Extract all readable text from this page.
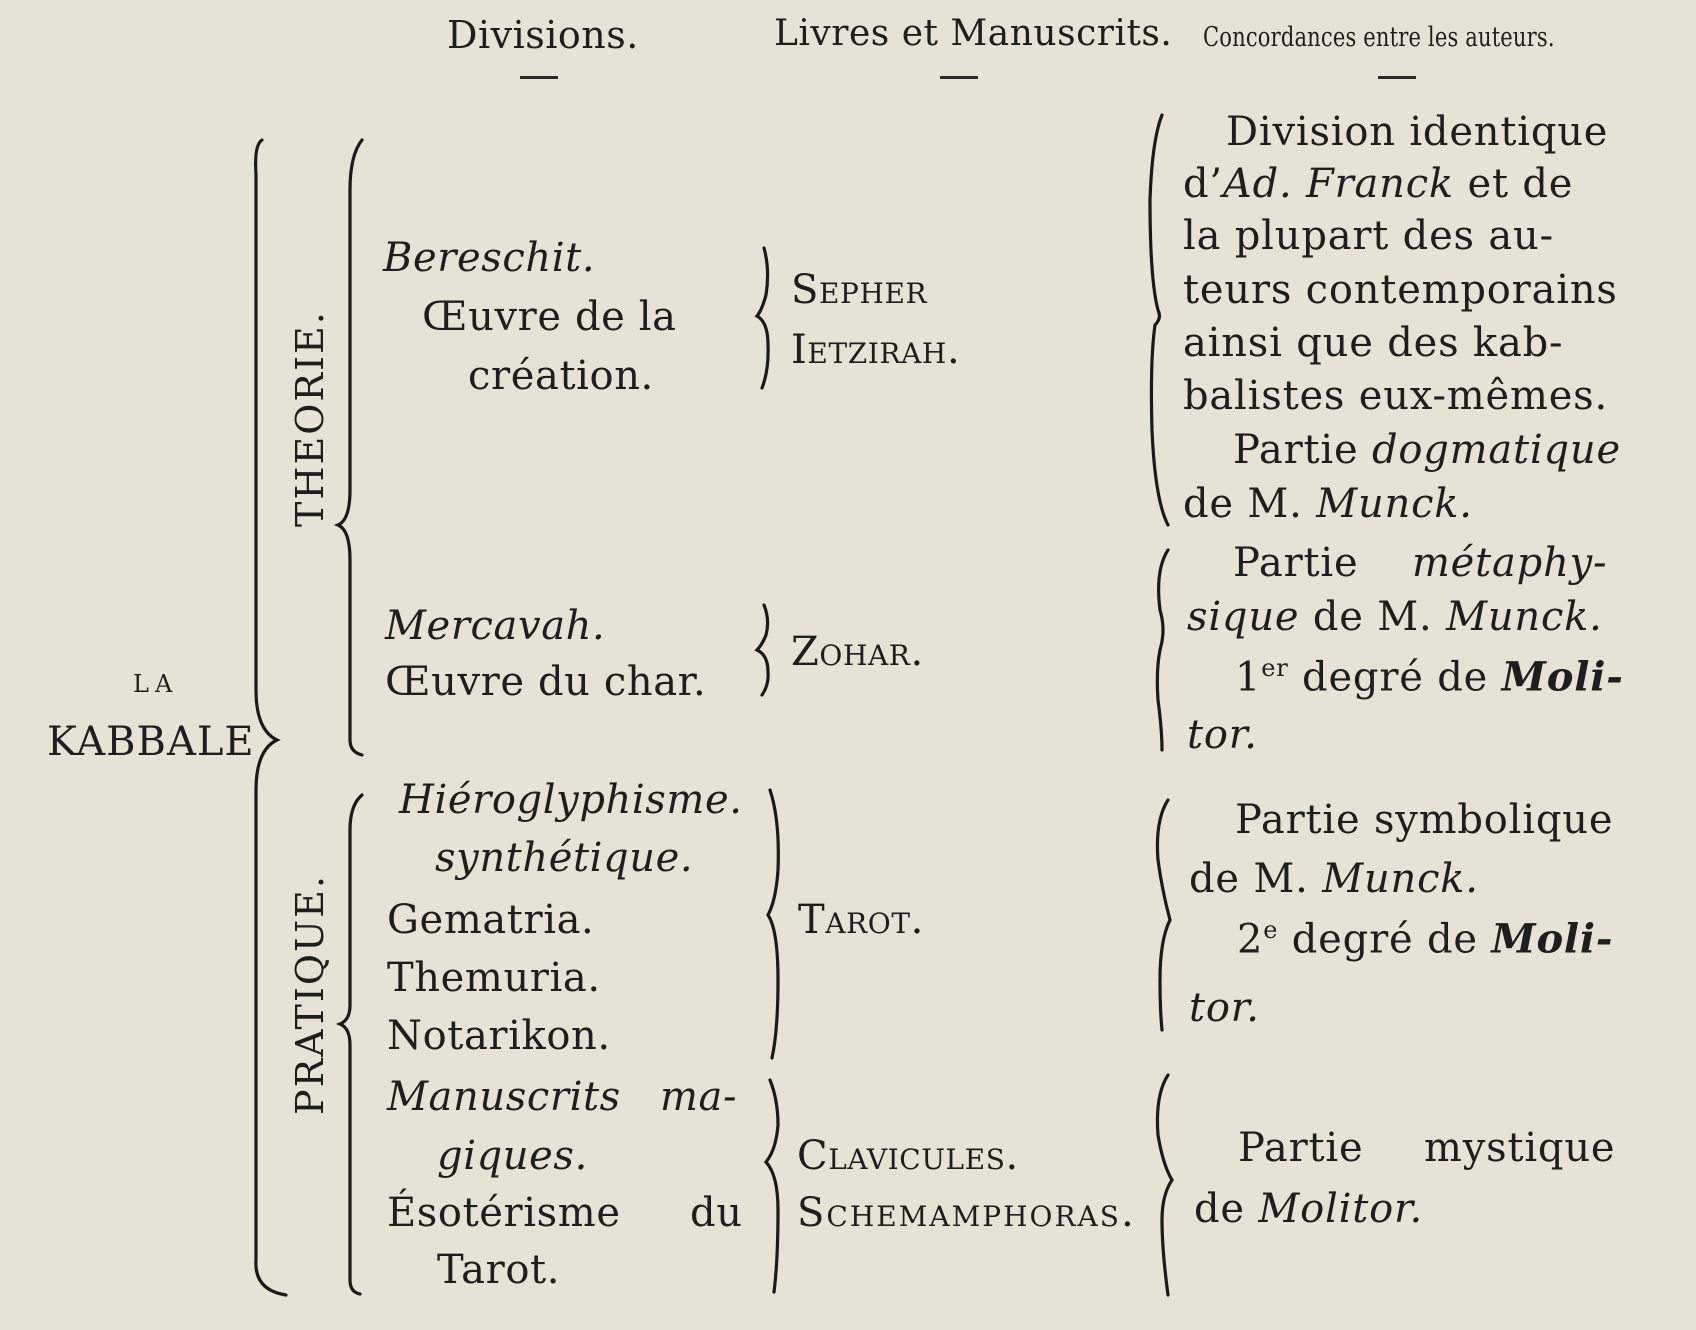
Divisions.	Livres et Manuscrits. Concordances entre les auteurs.
LA
KABBALE
THEORIE.
PRATIQUE.
Bereschit.
Œuvre de la
création.
Mercavah.
Œuvre du char.
Hiéroglyphisme.
synthétique.
Gematria.
Themuria.
Notarikon.
Manuscrits ma-
giques.
Ésotérisme du
Tarot.
Sepher
Ietzirah.
Zohar.
Tarot.
Clavicules.
Schemamphoras.
Division identique
d’Ad. Franck et de
la plupart des au-
teurs contemporains
ainsi que des kab-
balistes eux-mêmes.
Partie dogmatique
de M. Munck.
Partie métaphy-
sique de M. Munck.
1er degré de Moli-
tor.
Partie symbolique
de M. Munck.
2e degré de Moli-
tor.
Partie mystique
de Molitor.
